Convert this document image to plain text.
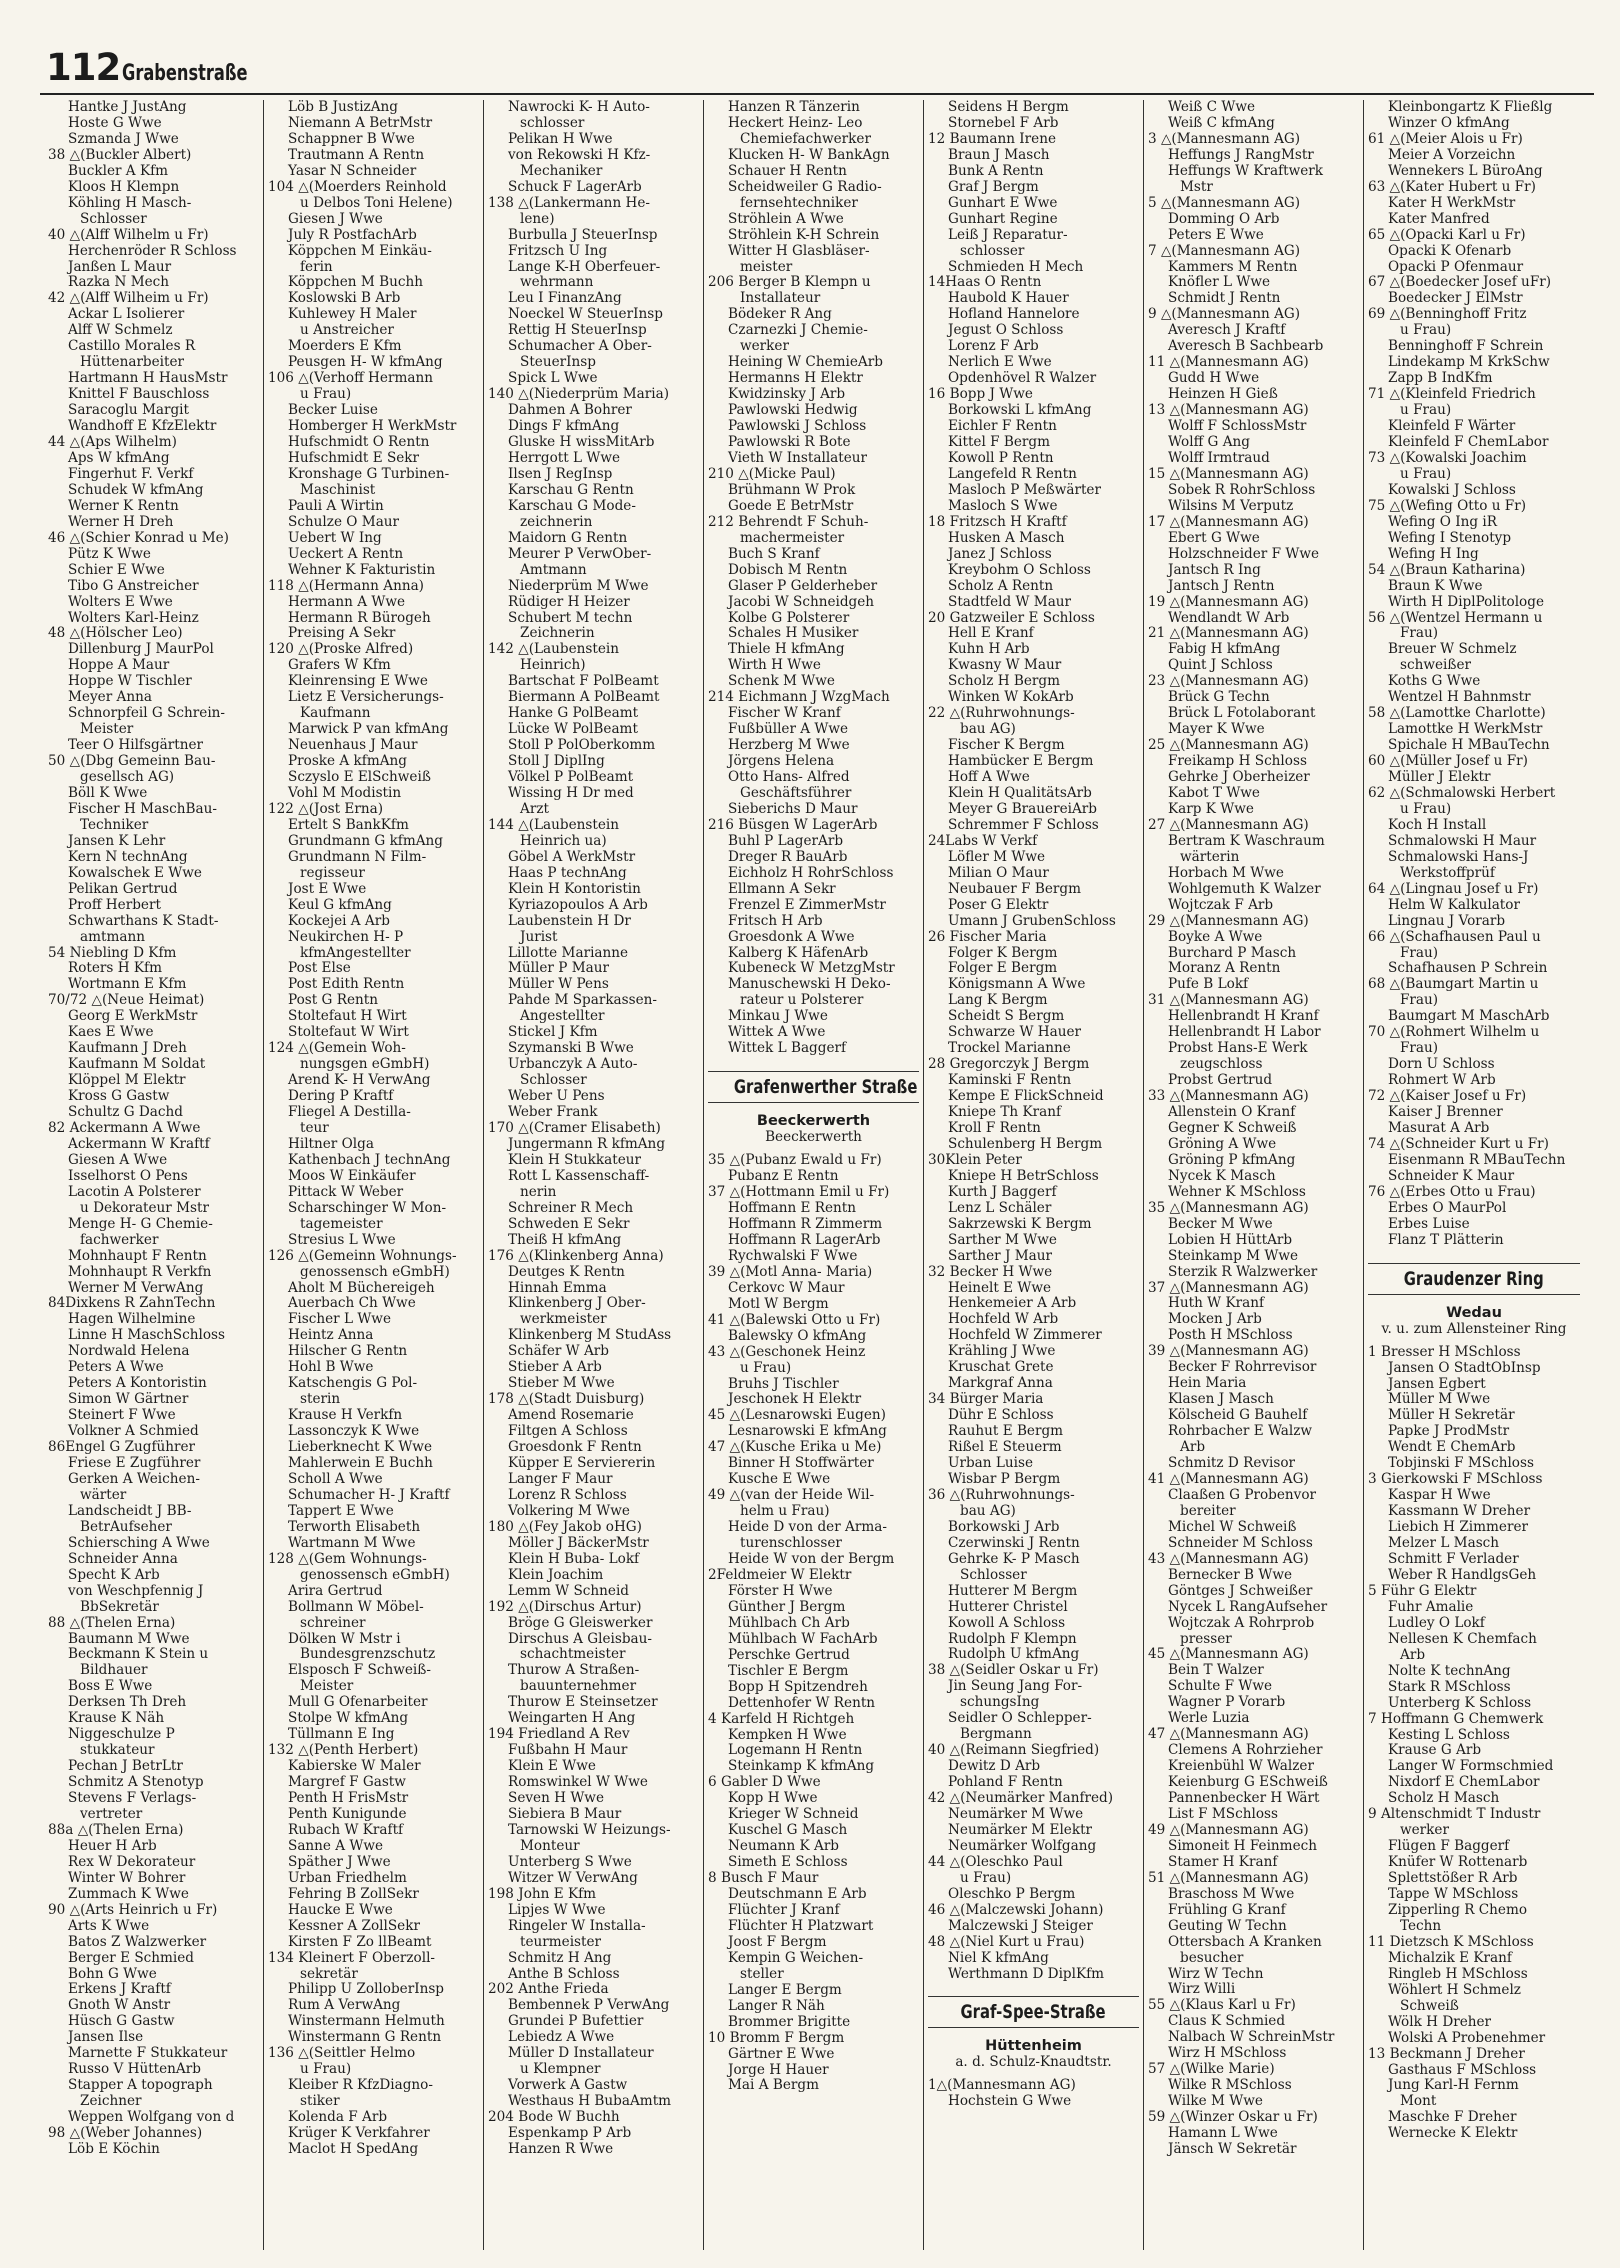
112 Grabenstraße
Hantke J JustAng
Hoste G Wwe
Szmanda J Wwe
38 △(Buckler Albert)
Buckler A Kfm
Kloos H Klempn
Köhling H Masch-
Schlosser
40 △(Alff Wilhelm u Fr)
Herchenröder R Schloss
Janßen L Maur
Razka N Mech
42 △(Alff Wilheim u Fr)
Ackar L Isolierer
Alff W Schmelz
Castillo Morales R
Hüttenarbeiter
Hartmann H HausMstr
Knittel F Bauschloss
Saracoglu Margit
Wandhoff E KfzElektr
44 △(Aps Wilhelm)
Aps W kfmAng
Fingerhut F. Verkf
Schudek W kfmAng
Werner K Rentn
Werner H Dreh
46 △(Schier Konrad u Me)
Pütz K Wwe
Schier E Wwe
Tibo G Anstreicher
Wolters E Wwe
Wolters Karl-Heinz
48 △(Hölscher Leo)
Dillenburg J MaurPol
Hoppe A Maur
Hoppe W Tischler
Meyer Anna
Schnorpfeil G Schrein-
Meister
Teer O Hilfsgärtner
50 △(Dbg Gemeinn Bau-
gesellsch AG)
Böll K Wwe
Fischer H MaschBau-
Techniker
Jansen K Lehr
Kern N technAng
Kowalschek E Wwe
Pelikan Gertrud
Proff Herbert
Schwarthans K Stadt-
amtmann
54 Niebling D Kfm
Roters H Kfm
Wortmann E Kfm
70/72 △(Neue Heimat)
Georg E WerkMstr
Kaes E Wwe
Kaufmann J Dreh
Kaufmann M Soldat
Klöppel M Elektr
Kross G Gastw
Schultz G Dachd
82 Ackermann A Wwe
Ackermann W Kraftf
Giesen A Wwe
Isselhorst O Pens
Lacotin A Polsterer
u Dekorateur Mstr
Menge H- G Chemie-
fachwerker
Mohnhaupt F Rentn
Mohnhaupt R Verkfn
Werner M VerwAng
84Dixkens R ZahnTechn
Hagen Wilhelmine
Linne H MaschSchloss
Nordwald Helena
Peters A Wwe
Peters A Kontoristin
Simon W Gärtner
Steinert F Wwe
Volkner A Schmied
86Engel G Zugführer
Friese E Zugführer
Gerken A Weichen-
wärter
Landscheidt J BB-
BetrAufseher
Schiersching A Wwe
Schneider Anna
Specht K Arb
von Weschpfennig J
BbSekretär
88 △(Thelen Erna)
Baumann M Wwe
Beckmann K Stein u
Bildhauer
Boss E Wwe
Derksen Th Dreh
Krause K Näh
Niggeschulze P
stukkateur
Pechan J BetrLtr
Schmitz A Stenotyp
Stevens F Verlags-
vertreter
88a △(Thelen Erna)
Heuer H Arb
Rex W Dekorateur
Winter W Bohrer
Zummach K Wwe
90 △(Arts Heinrich u Fr)
Arts K Wwe
Batos Z Walzwerker
Berger E Schmied
Bohn G Wwe
Erkens J Kraftf
Gnoth W Anstr
Hüsch G Gastw
Jansen Ilse
Marnette F Stukkateur
Russo V HüttenArb
Stapper A topograph
Zeichner
Weppen Wolfgang von d
98 △(Weber Johannes)
Löb E Köchin
Löb B JustizAng
Niemann A BetrMstr
Schappner B Wwe
Trautmann A Rentn
Yasar N Schneider
104 △(Moerders Reinhold
u Delbos Toni Helene)
Giesen J Wwe
July R PostfachArb
Köppchen M Einkäu-
ferin
Köppchen M Buchh
Koslowski B Arb
Kuhlewey H Maler
u Anstreicher
Moerders E Kfm
Peusgen H- W kfmAng
106 △(Verhoff Hermann
u Frau)
Becker Luise
Homberger H WerkMstr
Hufschmidt O Rentn
Hufschmidt E Sekr
Kronshage G Turbinen-
Maschinist
Pauli A Wirtin
Schulze O Maur
Uebert W Ing
Ueckert A Rentn
Wehner K Fakturistin
118 △(Hermann Anna)
Hermann A Wwe
Hermann R Bürogeh
Preising A Sekr
120 △(Proske Alfred)
Grafers W Kfm
Kleinrensing E Wwe
Lietz E Versicherungs-
Kaufmann
Marwick P van kfmAng
Neuenhaus J Maur
Proske A kfmAng
Sczyslo E ElSchweiß
Vohl M Modistin
122 △(Jost Erna)
Ertelt S BankKfm
Grundmann G kfmAng
Grundmann N Film-
regisseur
Jost E Wwe
Keul G kfmAng
Kockejei A Arb
Neukirchen H- P
kfmAngestellter
Post Else
Post Edith Rentn
Post G Rentn
Stoltefaut H Wirt
Stoltefaut W Wirt
124 △(Gemein Woh-
nungsgen eGmbH)
Arend K- H VerwAng
Dering P Kraftf
Fliegel A Destilla-
teur
Hiltner Olga
Kathenbach J technAng
Moos W Einkäufer
Pittack W Weber
Scharschinger W Mon-
tagemeister
Stresius L Wwe
126 △(Gemeinn Wohnungs-
genossensch eGmbH)
Aholt M Büchereigeh
Auerbach Ch Wwe
Fischer L Wwe
Heintz Anna
Hilscher G Rentn
Hohl B Wwe
Katschengis G Pol-
sterin
Krause H Verkfn
Lassonczyk K Wwe
Lieberknecht K Wwe
Mahlerwein E Buchh
Scholl A Wwe
Schumacher H- J Kraftf
Tappert E Wwe
Terworth Elisabeth
Wartmann M Wwe
128 △(Gem Wohnungs-
genossensch eGmbH)
Arira Gertrud
Bollmann W Möbel-
schreiner
Dölken W Mstr i
Bundesgrenzschutz
Elsposch F Schweiß-
Meister
Mull G Ofenarbeiter
Stolpe W kfmAng
Tüllmann E Ing
132 △(Penth Herbert)
Kabierske W Maler
Margref F Gastw
Penth H FrisMstr
Penth Kunigunde
Rubach W Kraftf
Sanne A Wwe
Späther J Wwe
Urban Friedhelm
Fehring B ZollSekr
Haucke E Wwe
Kessner A ZollSekr
Kirsten F Zo llBeamt
134 Kleinert F Oberzoll-
sekretär
Philipp U ZolloberInsp
Rum A VerwAng
Winstermann Helmuth
Winstermann G Rentn
136 △(Seittler Helmo
u Frau)
Kleiber R KfzDiagno-
stiker
Kolenda F Arb
Krüger K Verkfahrer
Maclot H SpedAng
Nawrocki K- H Auto-
schlosser
Pelikan H Wwe
von Rekowski H Kfz-
Mechaniker
Schuck F LagerArb
138 △(Lankermann He-
lene)
Burbulla J SteuerInsp
Fritzsch U Ing
Lange K-H Oberfeuer-
wehrmann
Leu I FinanzAng
Noeckel W SteuerInsp
Rettig H SteuerInsp
Schumacher A Ober-
SteuerInsp
Spick L Wwe
140 △(Niederprüm Maria)
Dahmen A Bohrer
Dings F kfmAng
Gluske H wissMitArb
Herrgott L Wwe
Ilsen J RegInsp
Karschau G Rentn
Karschau G Mode-
zeichnerin
Maidorn G Rentn
Meurer P VerwOber-
Amtmann
Niederprüm M Wwe
Rüdiger H Heizer
Schubert M techn
Zeichnerin
142 △(Laubenstein
Heinrich)
Bartschat F PolBeamt
Biermann A PolBeamt
Hanke G PolBeamt
Lücke W PolBeamt
Stoll P PolOberkomm
Stoll J DiplIng
Völkel P PolBeamt
Wissing H Dr med
Arzt
144 △(Laubenstein
Heinrich ua)
Göbel A WerkMstr
Haas P technAng
Klein H Kontoristin
Kyriazopoulos A Arb
Laubenstein H Dr
Jurist
Lillotte Marianne
Müller P Maur
Müller W Pens
Pahde M Sparkassen-
Angestellter
Stickel J Kfm
Szymanski B Wwe
Urbanczyk A Auto-
Schlosser
Weber U Pens
Weber Frank
170 △(Cramer Elisabeth)
Jungermann R kfmAng
Klein H Stukkateur
Rott L Kassenschaff-
nerin
Schreiner R Mech
Schweden E Sekr
Theiß H kfmAng
176 △(Klinkenberg Anna)
Deutges K Rentn
Hinnah Emma
Klinkenberg J Ober-
werkmeister
Klinkenberg M StudAss
Schäfer W Arb
Stieber A Arb
Stieber M Wwe
178 △(Stadt Duisburg)
Amend Rosemarie
Filtgen A Schloss
Groesdonk F Rentn
Küpper E Serviererin
Langer F Maur
Lorenz R Schloss
Volkering M Wwe
180 △(Fey Jakob oHG)
Möller J BäckerMstr
Klein H Buba- Lokf
Klein Joachim
Lemm W Schneid
192 △(Dirschus Artur)
Bröge G Gleiswerker
Dirschus A Gleisbau-
schachtmeister
Thurow A Straßen-
bauunternehmer
Thurow E Steinsetzer
Weingarten H Ang
194 Friedland A Rev
Fußbahn H Maur
Klein E Wwe
Romswinkel W Wwe
Seven H Wwe
Siebiera B Maur
Tarnowski W Heizungs-
Monteur
Unterberg S Wwe
Witzer W VerwAng
198 John E Kfm
Lipjes W Wwe
Ringeler W Installa-
teurmeister
Schmitz H Ang
Anthe B Schloss
202 Anthe Frieda
Bembennek P VerwAng
Grundei P Bufettier
Lebiedz A Wwe
Müller D Installateur
u Klempner
Vorwerk A Gastw
Westhaus H BubaAmtm
204 Bode W Buchh
Espenkamp P Arb
Hanzen R Wwe
Hanzen R Tänzerin
Heckert Heinz- Leo
Chemiefachwerker
Klucken H- W BankAgn
Schauer H Rentn
Scheidweiler G Radio-
fernsehtechniker
Ströhlein A Wwe
Ströhlein K-H Schrein
Witter H Glasbläser-
meister
206 Berger B Klempn u
Installateur
Bödeker R Ang
Czarnezki J Chemie-
werker
Heining W ChemieArb
Hermanns H Elektr
Kwidzinsky J Arb
Pawlowski Hedwig
Pawlowski J Schloss
Pawlowski R Bote
Vieth W Installateur
210 △(Micke Paul)
Brühmann W Prok
Goede E BetrMstr
212 Behrendt F Schuh-
machermeister
Buch S Kranf
Dobisch M Rentn
Glaser P Gelderheber
Jacobi W Schneidgeh
Kolbe G Polsterer
Schales H Musiker
Thiele H kfmAng
Wirth H Wwe
Schenk M Wwe
214 Eichmann J WzgMach
Fischer W Kranf
Fußbüller A Wwe
Herzberg M Wwe
Jörgens Helena
Otto Hans- Alfred
Geschäftsführer
Sieberichs D Maur
216 Büsgen W LagerArb
Buhl P LagerArb
Dreger R BauArb
Eichholz H RohrSchloss
Ellmann A Sekr
Frenzel E ZimmerMstr
Fritsch H Arb
Groesdonk A Wwe
Kalberg K HäfenArb
Kubeneck W MetzgMstr
Manuschewski H Deko-
rateur u Polsterer
Minkau J Wwe
Wittek A Wwe
Wittek L Baggerf
Grafenwerther Straße
Beeckerwerth
Beeckerwerth
35 △(Pubanz Ewald u Fr)
Pubanz E Rentn
37 △(Hottmann Emil u Fr)
Hoffmann E Rentn
Hoffmann R Zimmerm
Hoffmann R LagerArb
Rychwalski F Wwe
39 △(Motl Anna- Maria)
Cerkovc W Maur
Motl W Bergm
41 △(Balewski Otto u Fr)
Balewsky O kfmAng
43 △(Geschonek Heinz
u Frau)
Bruhs J Tischler
Jeschonek H Elektr
45 △(Lesnarowski Eugen)
Lesnarowski E kfmAng
47 △(Kusche Erika u Me)
Binner H Stoffwärter
Kusche E Wwe
49 △(van der Heide Wil-
helm u Frau)
Heide D von der Arma-
turenschlosser
Heide W von der Bergm
2Feldmeier W Elektr
Förster H Wwe
Günther J Bergm
Mühlbach Ch Arb
Mühlbach W FachArb
Perschke Gertrud
Tischler E Bergm
Bopp H Spitzendreh
Dettenhofer W Rentn
4 Karfeld H Richtgeh
Kempken H Wwe
Logemann H Rentn
Steinkamp K kfmAng
6 Gabler D Wwe
Kopp H Wwe
Krieger W Schneid
Kuschel G Masch
Neumann K Arb
Simeth E Schloss
8 Busch F Maur
Deutschmann E Arb
Flüchter J Kranf
Flüchter H Platzwart
Joost F Bergm
Kempin G Weichen-
steller
Langer E Bergm
Langer R Näh
Brommer Brigitte
10 Bromm F Bergm
Gärtner E Wwe
Jorge H Hauer
Mai A Bergm
Seidens H Bergm
Stornebel F Arb
12 Baumann Irene
Braun J Masch
Bunk A Rentn
Graf J Bergm
Gunhart E Wwe
Gunhart Regine
Leiß J Reparatur-
schlosser
Schmieden H Mech
14Haas O Rentn
Haubold K Hauer
Hofland Hannelore
Jegust O Schloss
Lorenz F Arb
Nerlich E Wwe
Opdenhövel R Walzer
16 Bopp J Wwe
Borkowski L kfmAng
Eichler F Rentn
Kittel F Bergm
Kowoll P Rentn
Langefeld R Rentn
Masloch P Meßwärter
Masloch S Wwe
18 Fritzsch H Kraftf
Husken A Masch
Janez J Schloss
Kreybohm O Schloss
Scholz A Rentn
Stadtfeld W Maur
20 Gatzweiler E Schloss
Hell E Kranf
Kuhn H Arb
Kwasny W Maur
Scholz H Bergm
Winken W KokArb
22 △(Ruhrwohnungs-
bau AG)
Fischer K Bergm
Hambücker E Bergm
Hoff A Wwe
Klein H QualitätsArb
Meyer G BrauereiArb
Schremmer F Schloss
24Labs W Verkf
Löfler M Wwe
Milian O Maur
Neubauer F Bergm
Poser G Elektr
Umann J GrubenSchloss
26 Fischer Maria
Folger K Bergm
Folger E Bergm
Königsmann A Wwe
Lang K Bergm
Scheidt S Bergm
Schwarze W Hauer
Trockel Marianne
28 Gregorczyk J Bergm
Kaminski F Rentn
Kempe E FlickSchneid
Kniepe Th Kranf
Kroll F Rentn
Schulenberg H Bergm
30Klein Peter
Kniepe H BetrSchloss
Kurth J Baggerf
Lenz L Schäler
Sakrzewski K Bergm
Sarther M Wwe
Sarther J Maur
32 Becker H Wwe
Heinelt E Wwe
Henkemeier A Arb
Hochfeld W Arb
Hochfeld W Zimmerer
Krähling J Wwe
Kruschat Grete
Markgraf Anna
34 Bürger Maria
Dühr E Schloss
Rauhut E Bergm
Rißel E Steuerm
Urban Luise
Wisbar P Bergm
36 △(Ruhrwohnungs-
bau AG)
Borkowski J Arb
Czerwinski J Rentn
Gehrke K- P Masch
Schlosser
Hutterer M Bergm
Hutterer Christel
Kowoll A Schloss
Rudolph F Klempn
Rudolph U kfmAng
38 △(Seidler Oskar u Fr)
Jin Seung Jang For-
schungsIng
Seidler O Schlepper-
Bergmann
40 △(Reimann Siegfried)
Dewitz D Arb
Pohland F Rentn
42 △(Neumärker Manfred)
Neumärker M Wwe
Neumärker M Elektr
Neumärker Wolfgang
44 △(Oleschko Paul
u Frau)
Oleschko P Bergm
46 △(Malczewski Johann)
Malczewski J Steiger
48 △(Niel Kurt u Frau)
Niel K kfmAng
Werthmann D DiplKfm
Graf-Spee-Straße
Hüttenheim
a. d. Schulz-Knaudtstr.
1△(Mannesmann AG)
Hochstein G Wwe
Weiß C Wwe
Weiß C kfmAng
3 △(Mannesmann AG)
Heffungs J RangMstr
Heffungs W Kraftwerk
Mstr
5 △(Mannesmann AG)
Domming O Arb
Peters E Wwe
7 △(Mannesmann AG)
Kammers M Rentn
Knöfler L Wwe
Schmidt J Rentn
9 △(Mannesmann AG)
Averesch J Kraftf
Averesch B Sachbearb
11 △(Mannesmann AG)
Gudd H Wwe
Heinzen H Gieß
13 △(Mannesmann AG)
Wolff F SchlossMstr
Wolff G Ang
Wolff Irmtraud
15 △(Mannesmann AG)
Sobek R RohrSchloss
Wilsins M Verputz
17 △(Mannesmann AG)
Ebert G Wwe
Holzschneider F Wwe
Jantsch R Ing
Jantsch J Rentn
19 △(Mannesmann AG)
Wendlandt W Arb
21 △(Mannesmann AG)
Fabig H kfmAng
Quint J Schloss
23 △(Mannesmann AG)
Brück G Techn
Brück L Fotolaborant
Mayer K Wwe
25 △(Mannesmann AG)
Freikamp H Schloss
Gehrke J Oberheizer
Kabot T Wwe
Karp K Wwe
27 △(Mannesmann AG)
Bertram K Waschraum
wärterin
Horbach M Wwe
Wohlgemuth K Walzer
Wojtczak F Arb
29 △(Mannesmann AG)
Boyke A Wwe
Burchard P Masch
Moranz A Rentn
Pufe B Lokf
31 △(Mannesmann AG)
Hellenbrandt H Kranf
Hellenbrandt H Labor
Probst Hans-E Werk
zeugschloss
Probst Gertrud
33 △(Mannesmann AG)
Allenstein O Kranf
Gegner K Schweiß
Gröning A Wwe
Gröning P kfmAng
Nycek K Masch
Wehner K MSchloss
35 △(Mannesmann AG)
Becker M Wwe
Lobien H HüttArb
Steinkamp M Wwe
Sterzik R Walzwerker
37 △(Mannesmann AG)
Huth W Kranf
Mocken J Arb
Posth H MSchloss
39 △(Mannesmann AG)
Becker F Rohrrevisor
Hein Maria
Klasen J Masch
Kölscheid G Bauhelf
Rohrbacher E Walzw
Arb
Schmitz D Revisor
41 △(Mannesmann AG)
Claaßen G Probenvor
bereiter
Michel W Schweiß
Schneider M Schloss
43 △(Mannesmann AG)
Bernecker B Wwe
Göntges J Schweißer
Nycek L RangAufseher
Wojtczak A Rohrprob
presser
45 △(Mannesmann AG)
Bein T Walzer
Schulte F Wwe
Wagner P Vorarb
Werle Luzia
47 △(Mannesmann AG)
Clemens A Rohrzieher
Kreienbühl W Walzer
Keienburg G ESchweiß
Pannenbecker H Wärt
List F MSchloss
49 △(Mannesmann AG)
Simoneit H Feinmech
Stamer H Kranf
51 △(Mannesmann AG)
Braschoss M Wwe
Frühling G Kranf
Geuting W Techn
Ottersbach A Kranken
besucher
Wirz W Techn
Wirz Willi
55 △(Klaus Karl u Fr)
Claus K Schmied
Nalbach W SchreinMstr
Wirz H MSchloss
57 △(Wilke Marie)
Wilke R MSchloss
Wilke M Wwe
59 △(Winzer Oskar u Fr)
Hamann L Wwe
Jänsch W Sekretär
Kleinbongartz K Fließlg
Winzer O kfmAng
61 △(Meier Alois u Fr)
Meier A Vorzeichn
Wennekers L BüroAng
63 △(Kater Hubert u Fr)
Kater H WerkMstr
Kater Manfred
65 △(Opacki Karl u Fr)
Opacki K Ofenarb
Opacki P Ofenmaur
67 △(Boedecker Josef uFr)
Boedecker J ElMstr
69 △(Benninghoff Fritz
u Frau)
Benninghoff F Schrein
Lindekamp M KrkSchw
Zapp B IndKfm
71 △(Kleinfeld Friedrich
u Frau)
Kleinfeld F Wärter
Kleinfeld F ChemLabor
73 △(Kowalski Joachim
u Frau)
Kowalski J Schloss
75 △(Wefing Otto u Fr)
Wefing O Ing iR
Wefing I Stenotyp
Wefing H Ing
54 △(Braun Katharina)
Braun K Wwe
Wirth H DiplPolitologe
56 △(Wentzel Hermann u
Frau)
Breuer W Schmelz
schweißer
Koths G Wwe
Wentzel H Bahnmstr
58 △(Lamottke Charlotte)
Lamottke H WerkMstr
Spichale H MBauTechn
60 △(Müller Josef u Fr)
Müller J Elektr
62 △(Schmalowski Herbert
u Frau)
Koch H Install
Schmalowski H Maur
Schmalowski Hans-J
Werkstoffprüf
64 △(Lingnau Josef u Fr)
Helm W Kalkulator
Lingnau J Vorarb
66 △(Schafhausen Paul u
Frau)
Schafhausen P Schrein
68 △(Baumgart Martin u
Frau)
Baumgart M MaschArb
70 △(Rohmert Wilhelm u
Frau)
Dorn U Schloss
Rohmert W Arb
72 △(Kaiser Josef u Fr)
Kaiser J Brenner
Masurat A Arb
74 △(Schneider Kurt u Fr)
Eisenmann R MBauTechn
Schneider K Maur
76 △(Erbes Otto u Frau)
Erbes O MaurPol
Erbes Luise
Flanz T Plätterin
Graudenzer Ring
Wedau
v. u. zum Allensteiner Ring
1 Bresser H MSchloss
Jansen O StadtObInsp
Jansen Egbert
Müller M Wwe
Müller H Sekretär
Papke J ProdMstr
Wendt E ChemArb
Tobjinski F MSchloss
3 Gierkowski F MSchloss
Kaspar H Wwe
Kassmann W Dreher
Liebich H Zimmerer
Melzer L Masch
Schmitt F Verlader
Weber R HandlgsGeh
5 Führ G Elektr
Fuhr Amalie
Ludley O Lokf
Nellesen K Chemfach
Arb
Nolte K technAng
Stark R MSchloss
Unterberg K Schloss
7 Hoffmann G Chemwerk
Kesting L Schloss
Krause G Arb
Langer W Formschmied
Nixdorf E ChemLabor
Scholz H Masch
9 Altenschmidt T Industr
werker
Flügen F Baggerf
Knüfer W Rottenarb
Splettstößer R Arb
Tappe W MSchloss
Zipperling R Chemo
Techn
11 Dietzsch K MSchloss
Michalzik E Kranf
Ringleb H MSchloss
Wöhlert H Schmelz
Schweiß
Wölk H Dreher
Wolski A Probenehmer
13 Beckmann J Dreher
Gasthaus F MSchloss
Jung Karl-H Fernm
Mont
Maschke F Dreher
Wernecke K Elektr
